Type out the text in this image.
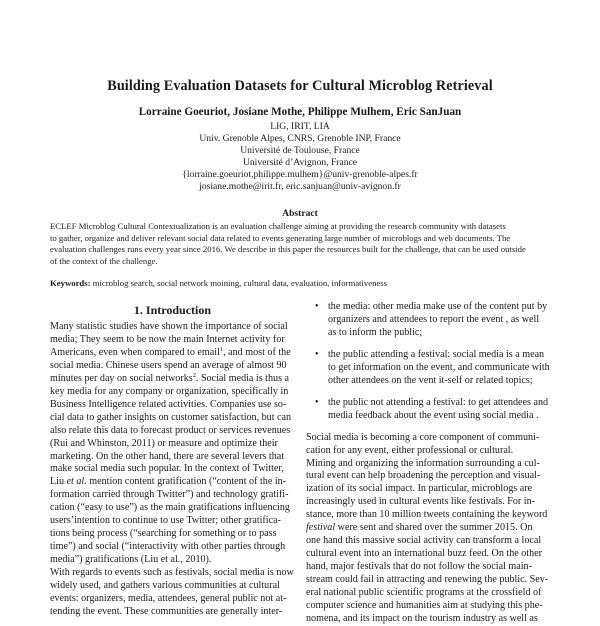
Building Evaluation Datasets for Cultural Microblog Retrieval
Lorraine Goeuriot, Josiane Mothe, Philippe Mulhem, Eric SanJuan
LIG, IRIT, LIA
Univ. Grenoble Alpes, CNRS, Grenoble INP, France
Université de Toulouse, France
Université d’Avignon, France
{lorraine.goeuriot,philippe.mulhem}@univ-grenoble-alpes.fr
josiane.mothe@irit.fr, eric.sanjuan@univ-avignon.fr
Abstract
ECLEF Microblog Cultural Contextualization is an evaluation challenge aiming at providing the research community with datasets
to gather, organize and deliver relevant social data related to events generating large number of microblogs and web documents. The
evaluation challenges runs every year since 2016. We describe in this paper the resources built for the challenge, that can be used outside
of the context of the challenge.
Keywords: microblog search, social network moining, cultural data, evaluation, informativeness
1. Introduction
Many statistic studies have shown the importance of social
media; They seem to be now the main Internet activity for
Americans, even when compared to email$^1$, and most of the
social media. Chinese users spend an average of almost 90
minutes per day on social networks$^2$. Social media is thus a
key media for any company or organization, specifically in
Business Intelligence related activities. Companies use so-
cial data to gather insights on customer satisfaction, but can
also relate this data to forecast product or services revenues
(Rui and Whinston, 2011) or measure and optimize their
marketing. On the other hand, there are several levers that
make social media such popular. In the context of Twitter,
Liu et al. mention content gratification (“content of the in-
formation carried through Twitter”) and technology gratifi-
cation (“easy to use”) as the main gratifications influencing
users’intention to continue to use Twitter; other gratifica-
tions being process (“searching for something or to pass
time”) and social (“interactivity with other parties through
media”) gratifications (Liu et al., 2010).
With regards to events such as festivals, social media is now
widely used, and gathers various communities at cultural
events: organizers, media, attendees, general public not at-
tending the event. These communities are generally inter-
• the media: other media make use of the content put by
organizers and attendees to report the event , as well
as to inform the public;
• the public attending a festival: social media is a mean
to get information on the event, and communicate with
other attendees on the vent it-self or related topics;
• the public not attending a festival: to get attendees and
media feedback about the event using social media .
Social media is becoming a core component of communi-
cation for any event, either professional or cultural.
Mining and organizing the information surrounding a cul-
tural event can help broadening the perception and visual-
ization of its social impact. In particular, microblogs are
increasingly used in cultural events like festivals. For in-
stance, more than 10 million tweets containing the keyword
festival were sent and shared over the summer 2015. On
one hand this massive social activity can transform a local
cultural event into an international buzz feed. On the other
hand, major festivals that do not follow the social main-
stream could fail in attracting and renewing the public. Sev-
eral national public scientific programs at the crossfield of
computer science and humanities aim at studying this phe-
nomena, and its impact on the tourism industry as well as
